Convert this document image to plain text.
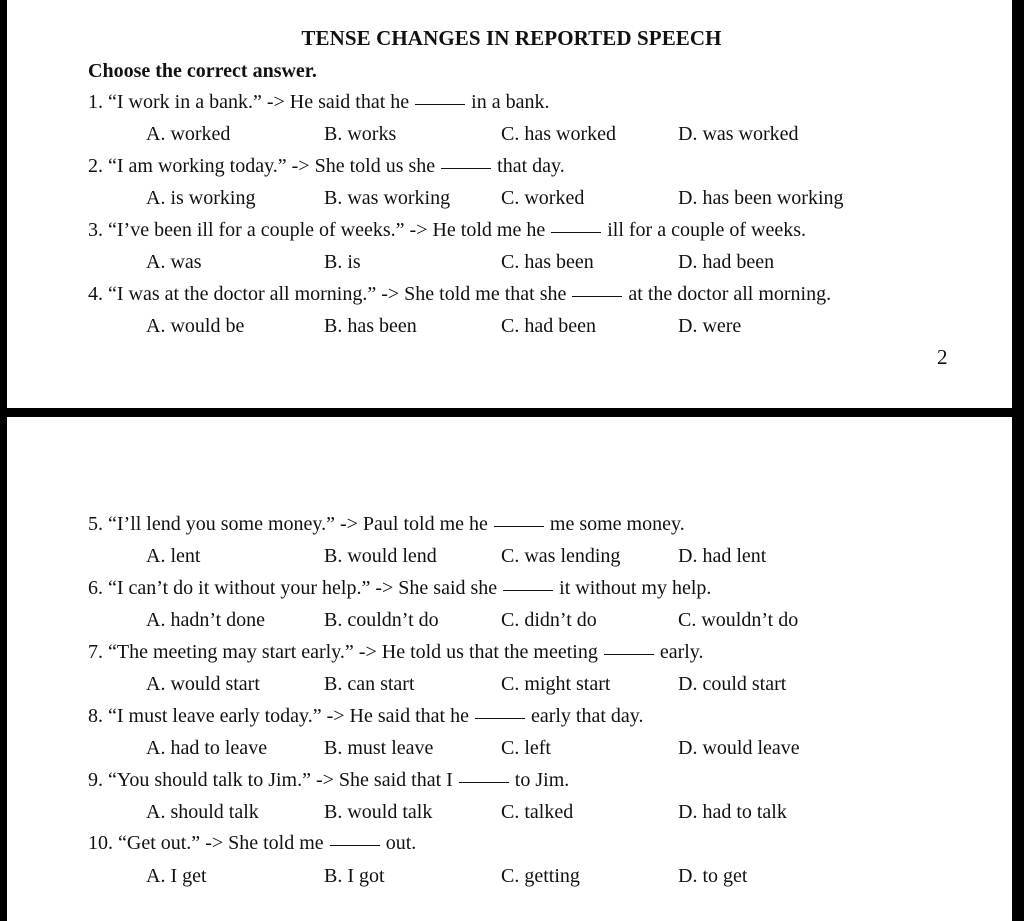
TENSE CHANGES IN REPORTED SPEECH
Choose the correct answer.
1. “I work in a bank.” -> He said that he	in a bank.
A. worked	B. works	C. has worked	D. was worked
2. “I am working today.” -> She told us she	that day.
A. is working	B. was working	C. worked	D. has been working
3. “I’ve been ill for a couple of weeks.” -> He told me he	ill for a couple of weeks.
A. was	B. is	C. has been	D. had been
4. “I was at the doctor all morning.” -> She told me that she	at the doctor all morning.
A. would be	B. has been	C. had been	D. were
2
5. “I’ll lend you some money.” -> Paul told me he	me some money.
A. lent	B. would lend	C. was lending	D. had lent
6. “I can’t do it without your help.” -> She said she	it without my help.
A. hadn’t done	B. couldn’t do	C. didn’t do	C. wouldn’t do
7. “The meeting may start early.” -> He told us that the meeting	early.
A. would start	B. can start	C. might start	D. could start
8. “I must leave early today.” -> He said that he	early that day.
A. had to leave	B. must leave	C. left	D. would leave
9. “You should talk to Jim.” -> She said that I	to Jim.
A. should talk	B. would talk	C. talked	D. had to talk
10. “Get out.” -> She told me	out.
A. I get	B. I got	C. getting	D. to get
